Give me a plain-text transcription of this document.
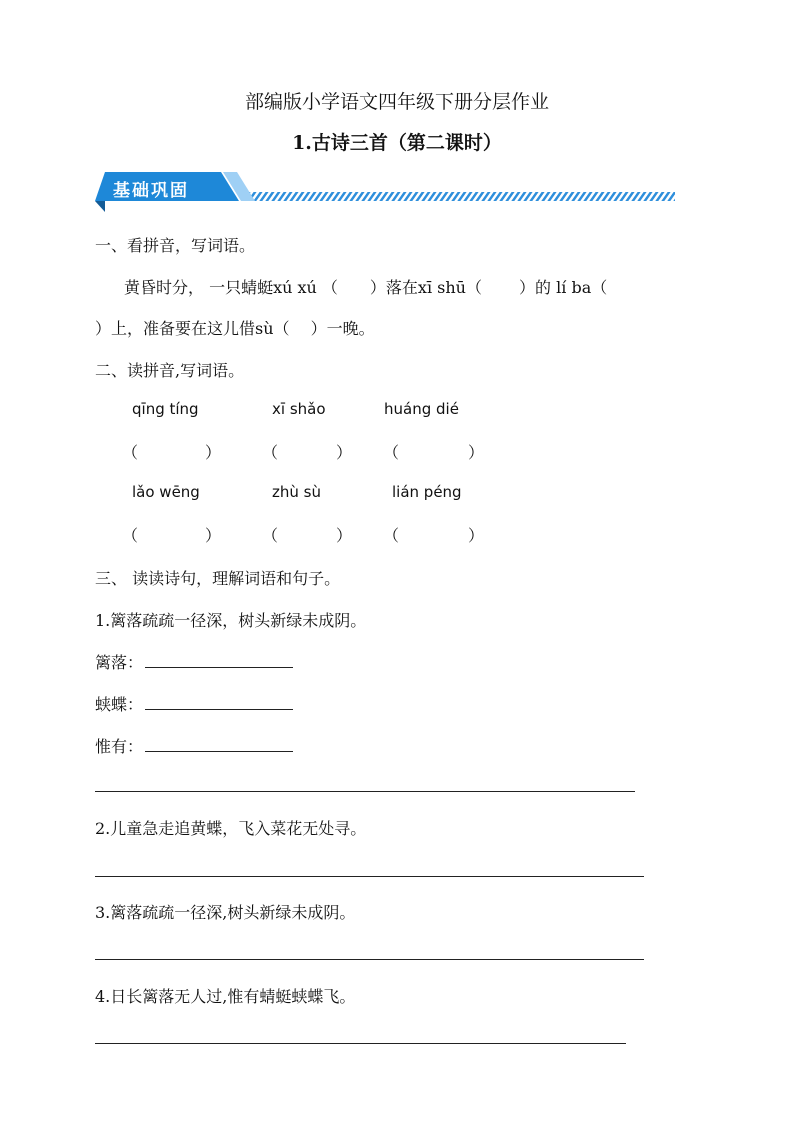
部编版小学语文四年级下册分层作业
1.古诗三首（第二课时）
基础巩固
一、看拼音，写词语。
黄昏时分， 一只蜻蜓xú xú （　　）落在xī shū（　　 ）的 lí ba（
）上，准备要在这儿借sù（　 ）一晚。
二、读拼音,写词语。
qīng tíng	xī shǎo	huáng dié
（	）	（	） （	）
lǎo wēng	zhù sù	lián péng
（	）	（	） （	）
三、 读读诗句，理解词语和句子。
1.篱落疏疏一径深，树头新绿未成阴。
篱落：
蛱蝶：
惟有：
2.儿童急走追黄蝶，飞入菜花无处寻。
3.篱落疏疏一径深,树头新绿未成阴。
4.日长篱落无人过,惟有蜻蜓蛱蝶飞。
